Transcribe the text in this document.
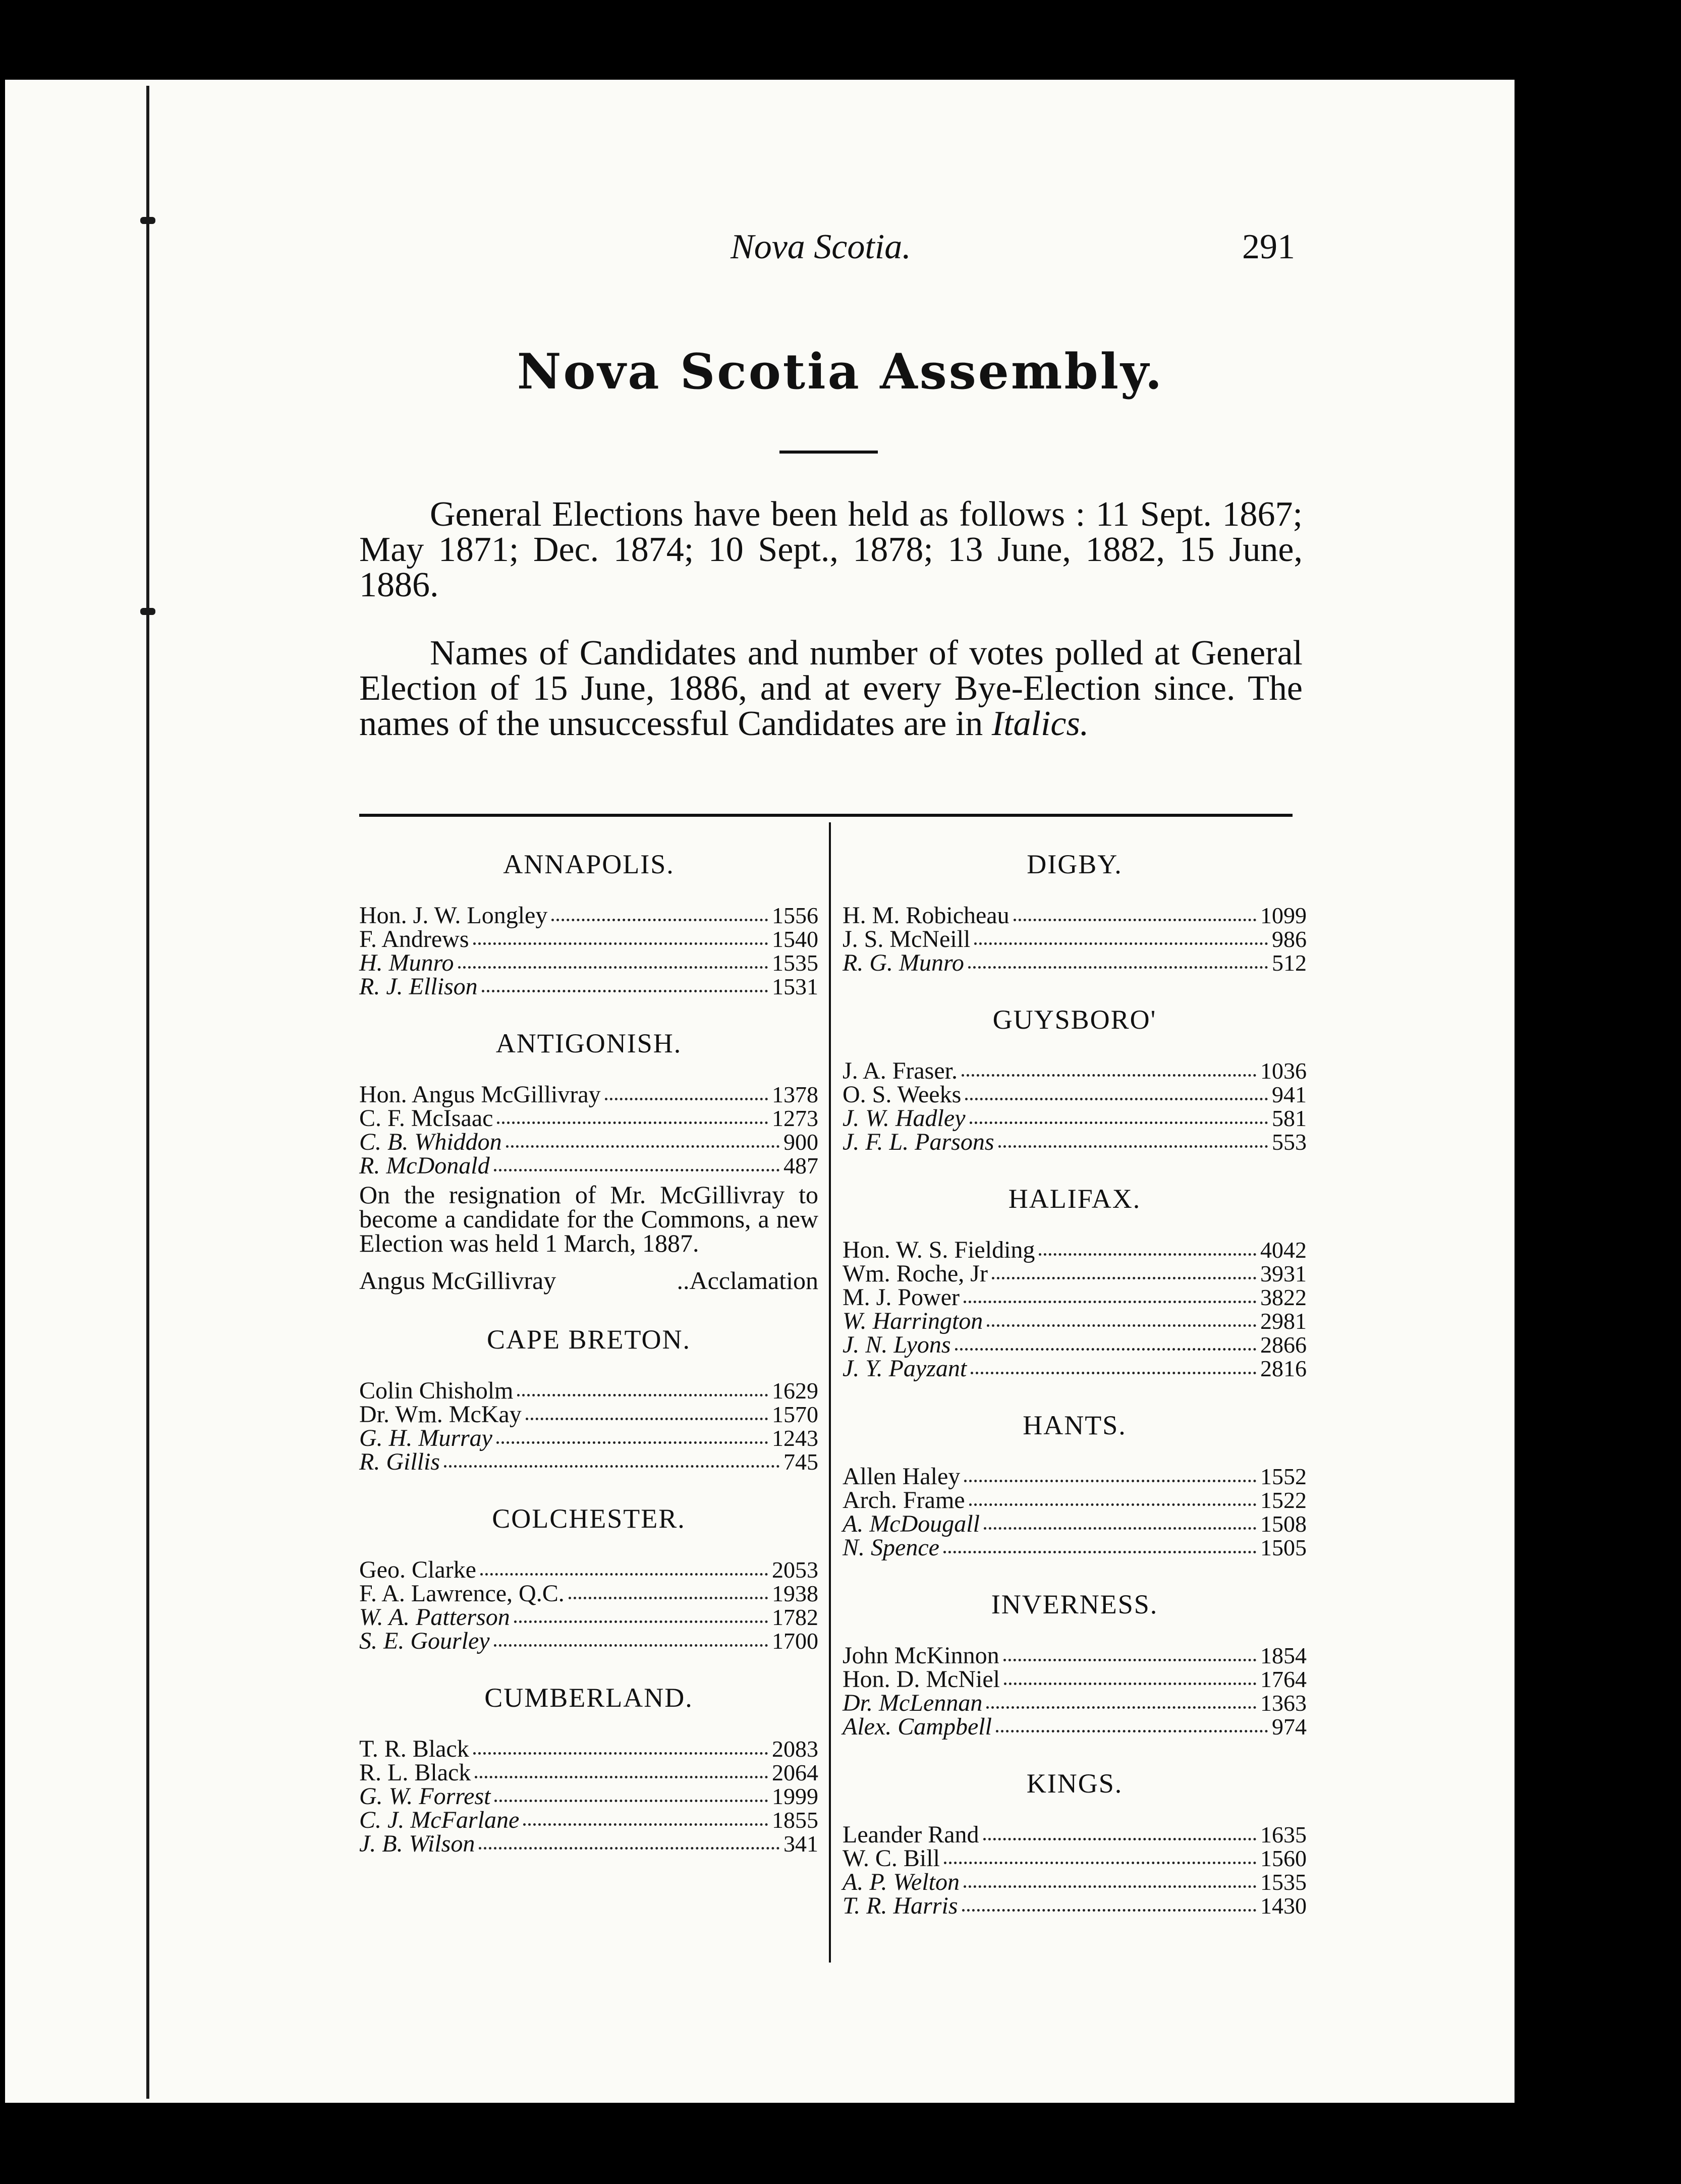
Nova Scotia.	291
Nova Scotia Assembly.

General Elections have been held as follows : 11 Sept. 1867; May 1871; Dec. 1874; 10 Sept., 1878; 13 June, 1882, 15 June, 1886.

Names of Candidates and number of votes polled at General Election of 15 June, 1886, and at every Bye-Election since. The names of the unsuccessful Candidates are in Italics.

ANNAPOLIS.
Hon. J. W. Longley	1556
F. Andrews	1540
H. Munro	1535
R. J. Ellison	1531
ANTIGONISH.
Hon. Angus McGillivray	1378
C. F. McIsaac	1273
C. B. Whiddon	900
R. McDonald	487

On the resignation of Mr. McGillivray to become a candidate for the Commons, a new Election was held 1 March, 1887.

Angus McGillivray	..Acclamation
CAPE BRETON.
Colin Chisholm	1629
Dr. Wm. McKay	1570
G. H. Murray	1243
R. Gillis	745
COLCHESTER.
Geo. Clarke	2053
F. A. Lawrence, Q.C.	1938
W. A. Patterson	1782
S. E. Gourley	1700
CUMBERLAND.
T. R. Black	2083
R. L. Black	2064
G. W. Forrest	1999
C. J. McFarlane	1855
J. B. Wilson	341
DIGBY.
H. M. Robicheau	1099
J. S. McNeill	986
R. G. Munro	512
GUYSBORO'
J. A. Fraser.	1036
O. S. Weeks	941
J. W. Hadley	581
J. F. L. Parsons	553
HALIFAX.
Hon. W. S. Fielding	4042
Wm. Roche, Jr	3931
M. J. Power	3822
W. Harrington	2981
J. N. Lyons	2866
J. Y. Payzant	2816
HANTS.
Allen Haley	1552
Arch. Frame	1522
A. McDougall	1508
N. Spence	1505
INVERNESS.
John McKinnon	1854
Hon. D. McNiel	1764
Dr. McLennan	1363
Alex. Campbell	974
KINGS.
Leander Rand	1635
W. C. Bill	1560
A. P. Welton	1535
T. R. Harris	1430
